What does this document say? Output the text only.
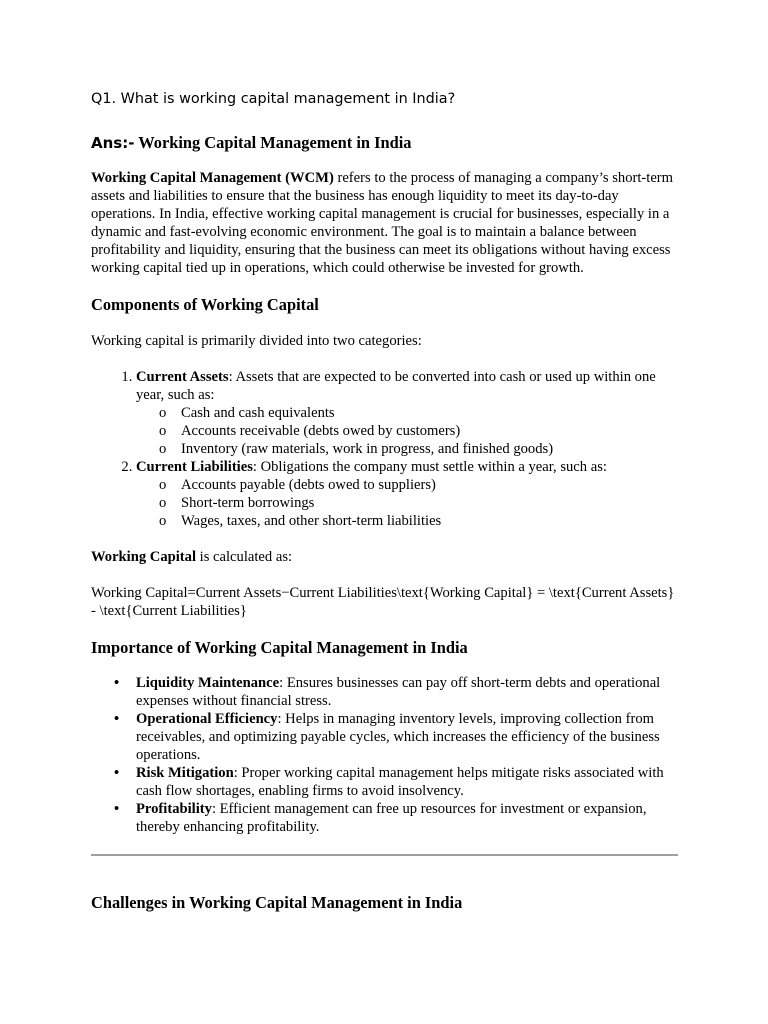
Q1. What is working capital management in India?

Ans:- Working Capital Management in India

Working Capital Management (WCM) refers to the process of managing a company’s short-term assets and liabilities to ensure that the business has enough liquidity to meet its day-to-day operations. In India, effective working capital management is crucial for businesses, especially in a dynamic and fast-evolving economic environment. The goal is to maintain a balance between profitability and liquidity, ensuring that the business can meet its obligations without having excess working capital tied up in operations, which could otherwise be invested for growth.

Components of Working Capital

Working capital is primarily divided into two categories:

1. Current Assets: Assets that are expected to be converted into cash or used up within one year, such as:
o Cash and cash equivalents
o Accounts receivable (debts owed by customers)
o Inventory (raw materials, work in progress, and finished goods)
2. Current Liabilities: Obligations the company must settle within a year, such as:
o Accounts payable (debts owed to suppliers)
o Short-term borrowings
o Wages, taxes, and other short-term liabilities

Working Capital is calculated as:

Working Capital=Current Assets−Current Liabilities\text{Working Capital} = \text{Current Assets} - \text{Current Liabilities}

Importance of Working Capital Management in India
• Liquidity Maintenance: Ensures businesses can pay off short-term debts and operational expenses without financial stress.
• Operational Efficiency: Helps in managing inventory levels, improving collection from receivables, and optimizing payable cycles, which increases the efficiency of the business operations.
• Risk Mitigation: Proper working capital management helps mitigate risks associated with cash flow shortages, enabling firms to avoid insolvency.
• Profitability: Efficient management can free up resources for investment or expansion, thereby enhancing profitability.
Challenges in Working Capital Management in India
